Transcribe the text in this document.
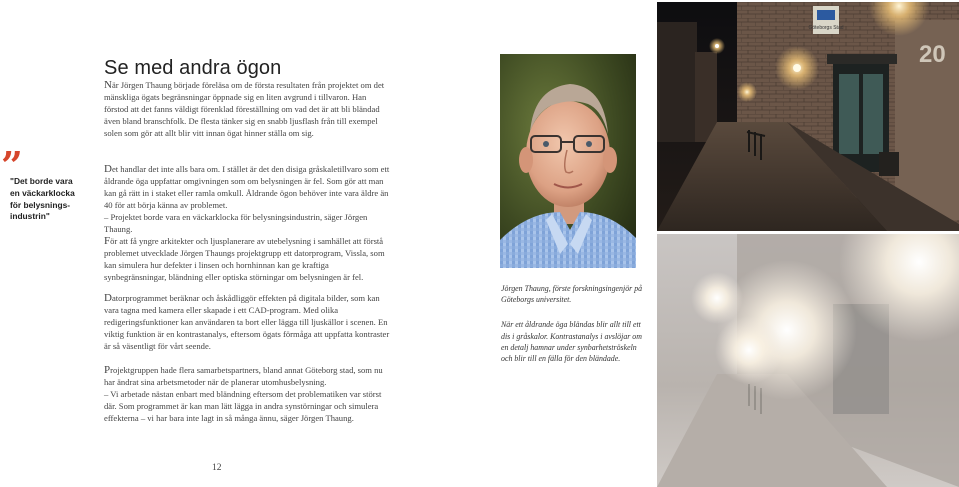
Se med andra ögon

När Jörgen Thaung började föreläsa om de första resultaten från projektet om det mänskliga ögats begränsningar öppnade sig en liten avgrund i tillvaron. Han förstod att det fanns väldigt förenklad föreställning om vad det är att bli bländad även bland branschfolk. De flesta tänker sig en snabb ljusflash från till exempel solen som gör att allt blir vitt innan ögat hinner ställa om sig.

Det handlar det inte alls bara om. I stället är det den disiga gråskaletillvaro som ett åldrande öga uppfattar omgivningen som om belysningen är fel. Som gör att man kan gå rätt in i staket eller ramla omkull. Åldrande ögon behöver inte vara äldre än 40 för att börja känna av problemet.
– Projektet borde vara en väckarklocka för belysningsindustrin, säger Jörgen Thaung.

För att få yngre arkitekter och ljusplanerare av utebelysning i samhället att förstå problemet utvecklade Jörgen Thaungs projektgrupp ett datorprogram, Vissla, som kan simulera hur defekter i linsen och hornhinnan kan ge kraftiga synbegränsningar, bländning eller optiska störningar om belysningen är fel.

Datorprogrammet beräknar och åskådliggör effekten på digitala bilder, som kan vara tagna med kamera eller skapade i ett CAD-program. Med olika redigeringsfunktioner kan användaren ta bort eller lägga till ljuskällor i scenen. En viktig funktion är en kontrastanalys, eftersom ögats förmåga att uppfatta kontraster är så väsentligt för vårt seende.

Projektgruppen hade flera samarbetspartners, bland annat Göteborg stad, som nu har ändrat sina arbetsmetoder när de planerar utomhusbelysning.
– Vi arbetade nästan enbart med bländning eftersom det problematiken var störst där. Som programmet är kan man lätt lägga in andra synstörningar och simulera effekterna – vi har bara inte lagt in så många ännu, säger Jörgen Thaung.

”

"Det borde vara en väckarklocka för belysnings-industrin"

Jörgen Thaung, förste forskningsingenjör på Göteborgs universitet.

När ett åldrande öga bländas blir allt till ett dis i gråskalor. Kontrastanalys i avslöjar om en detalj hamnar under synbarhetströskeln och blir till en fälla för den bländade.

Göteborgs Stad
20
12
